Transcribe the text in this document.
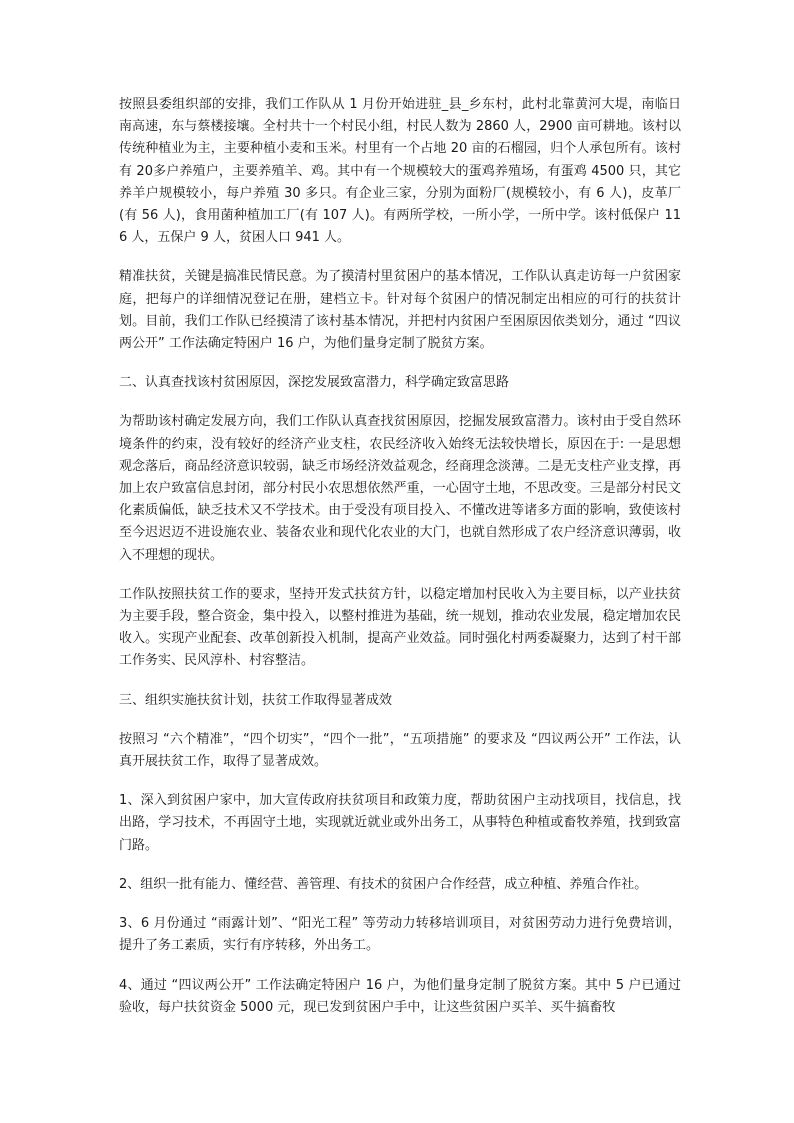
按照县委组织部的安排，我们工作队从 1 月份开始进驻_县_乡东村，此村北靠黄河大堤，南临日南高速，东与蔡楼接壤。全村共十一个村民小组，村民人数为 2860 人，2900 亩可耕地。该村以传统种植业为主，主要种植小麦和玉米。村里有一个占地 20 亩的石榴园，归个人承包所有。该村有 20多户养殖户，主要养殖羊、鸡。其中有一个规模较大的蛋鸡养殖场，有蛋鸡 4500 只，其它养羊户规模较小，每户养殖 30 多只。有企业三家，分别为面粉厂(规模较小，有 6 人)，皮革厂(有 56 人)，食用菌种植加工厂(有 107 人)。有两所学校，一所小学，一所中学。该村低保户 116 人，五保户 9 人，贫困人口 941 人。

精准扶贫，关键是搞准民情民意。为了摸清村里贫困户的基本情况，工作队认真走访每一户贫困家庭，把每户的详细情况登记在册，建档立卡。针对每个贫困户的情况制定出相应的可行的扶贫计划。目前，我们工作队已经摸清了该村基本情况，并把村内贫困户至困原因依类划分，通过 “四议两公开” 工作法确定特困户 16 户，为他们量身定制了脱贫方案。

二、认真查找该村贫困原因，深挖发展致富潜力，科学确定致富思路

为帮助该村确定发展方向，我们工作队认真查找贫困原因，挖掘发展致富潜力。该村由于受自然环境条件的约束，没有较好的经济产业支柱，农民经济收入始终无法较快增长，原因在于: 一是思想观念落后，商品经济意识较弱，缺乏市场经济效益观念，经商理念淡薄。二是无支柱产业支撑，再加上农户致富信息封闭，部分村民小农思想依然严重，一心固守土地，不思改变。三是部分村民文化素质偏低，缺乏技术又不学技术。由于受没有项目投入、不懂改进等诸多方面的影响，致使该村至今迟迟迈不进设施农业、装备农业和现代化农业的大门，也就自然形成了农户经济意识薄弱，收入不理想的现状。

工作队按照扶贫工作的要求，坚持开发式扶贫方针，以稳定增加村民收入为主要目标，以产业扶贫为主要手段，整合资金，集中投入，以整村推进为基础，统一规划，推动农业发展，稳定增加农民收入。实现产业配套、改革创新投入机制，提高产业效益。同时强化村两委凝聚力，达到了村干部工作务实、民风淳朴、村容整洁。

三、组织实施扶贫计划，扶贫工作取得显著成效

按照习 “六个精准”，“四个切实”，“四个一批”，“五项措施” 的要求及 “四议两公开” 工作法，认真开展扶贫工作，取得了显著成效。

1、深入到贫困户家中，加大宣传政府扶贫项目和政策力度，帮助贫困户主动找项目，找信息，找出路，学习技术，不再固守土地，实现就近就业或外出务工，从事特色种植或畜牧养殖，找到致富门路。

2、组织一批有能力、懂经营、善管理、有技术的贫困户合作经营，成立种植、养殖合作社。

3、6 月份通过 “雨露计划”、“阳光工程” 等劳动力转移培训项目，对贫困劳动力进行免费培训，提升了务工素质，实行有序转移，外出务工。

4、通过 “四议两公开” 工作法确定特困户 16 户，为他们量身定制了脱贫方案。其中 5 户已通过验收，每户扶贫资金 5000 元，现已发到贫困户手中，让这些贫困户买羊、买牛搞畜牧
